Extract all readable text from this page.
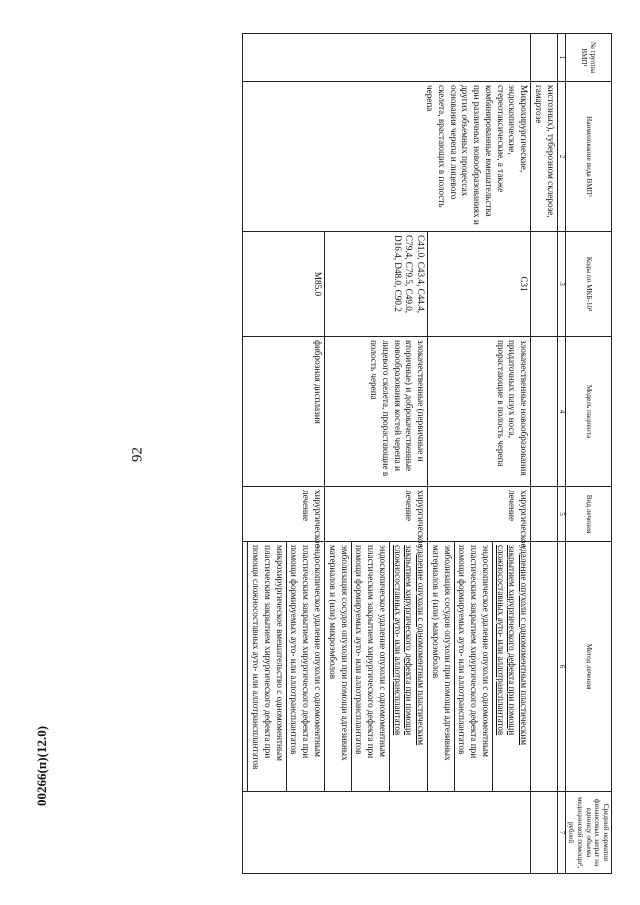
92
00266(п)(12.0)
№ группы ВМП¹	Наименование вида ВМП¹	Коды по МКБ-10²	Модель пациента	Вид лечения	Метод лечения	Средний норматив финансовых затрат на единицу объема медицинской помощи³, рублей
1	2	3	4	5	6	7
	кистозных), туберозном склерозе, гамартозе					
	Микрохирургические, эндоскопические, стереотаксические, а также комбинированные вмешательства при различных новообразованиях и других объемных процессах основания черепа и лицевого скелета, врастающих в полость черепа	C31	злокачественные новообразования придаточных пазух носа, прорастающие в полость черепа	хирургическое лечение	удаление опухоли с одномоментным пластическим закрытием хирургического дефекта при помощи сложносоставных ауто- или аллотрансплантатов	
					эндоскопическое удаление опухоли с одномоментным пластическим закрытием хирургического дефекта при помощи формируемых ауто- или аллотрансплантатов	
					эмболизация сосудов опухоли при помощи адгезивных материалов и (или) макроэмболов	
		C41.0, C43.4, C44.4, C79.4, C79.5, C49.0, D16.4, D48.0, C90.2	злокачественные (первичные и вторичные) и доброкачественные новообразования костей черепа и лицевого скелета, прорастающие в полость черепа	хирургическое лечение	удаление опухоли с одномоментным пластическим закрытием хирургического дефекта при помощи сложносоставных ауто- или аллотрансплантатов	
					эндоскопическое удаление опухоли с одномоментным пластическим закрытием хирургического дефекта при помощи формируемых ауто- или аллотрансплантатов	
					эмболизация сосудов опухоли при помощи адгезивных материалов и (или) микроэмболов	
		M85.0	фиброзная дисплазия	хирургическое лечение	эндоскопическое удаление опухоли с одномоментным пластическим закрытием хирургического дефекта при помощи формируемых ауто- или аллотрансплантатов	
					микрохирургическое вмешательство с одномоментным пластическим закрытием хирургического дефекта при помощи сложносоставных ауто- или аллотрансплантатов	
